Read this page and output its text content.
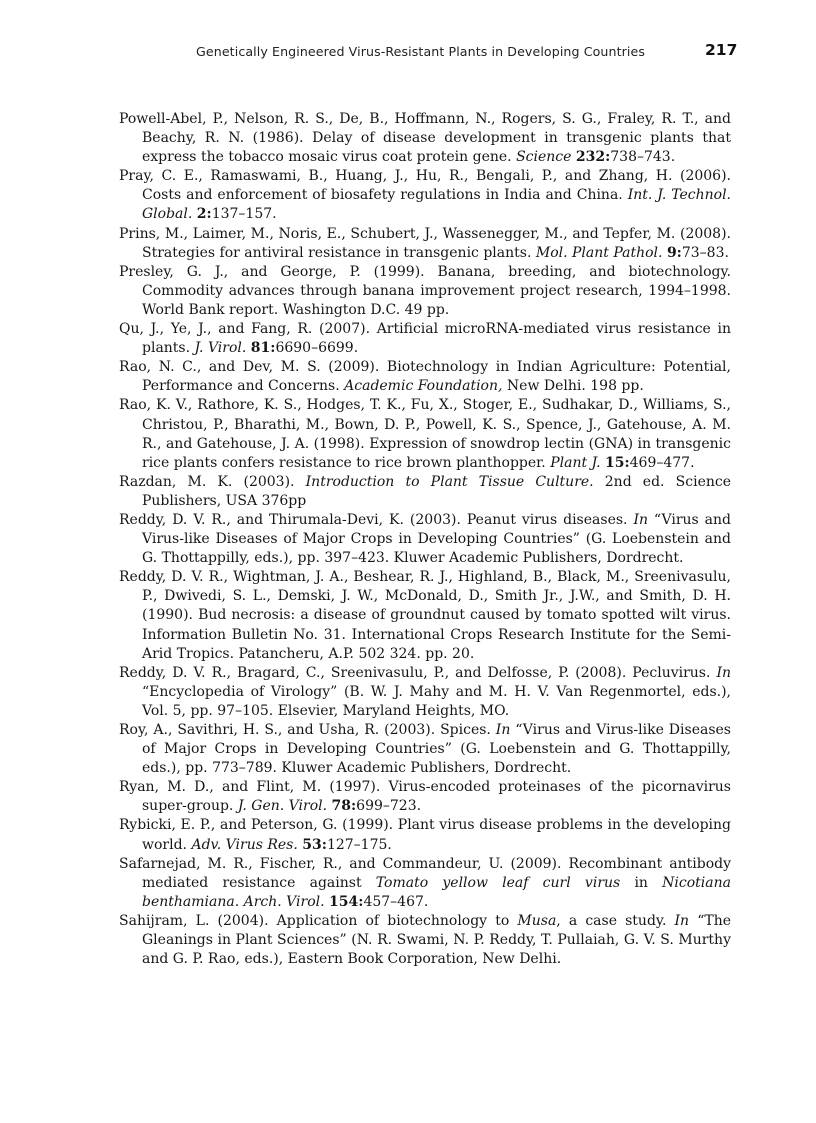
Genetically Engineered Virus-Resistant Plants in Developing Countries	217
Powell-Abel, P., Nelson, R. S., De, B., Hoffmann, N., Rogers, S. G., Fraley, R. T., and Beachy, R. N. (1986). Delay of disease development in transgenic plants that express the tobacco mosaic virus coat protein gene. Science 232:738–743.
Pray, C. E., Ramaswami, B., Huang, J., Hu, R., Bengali, P., and Zhang, H. (2006). Costs and enforcement of biosafety regulations in India and China. Int. J. Technol. Global. 2:137–157.
Prins, M., Laimer, M., Noris, E., Schubert, J., Wassenegger, M., and Tepfer, M. (2008). Strategies for antiviral resistance in transgenic plants. Mol. Plant Pathol. 9:73–83.
Presley, G. J., and George, P. (1999). Banana, breeding, and biotechnology. Commodity advances through banana improvement project research, 1994–1998. World Bank report. Washington D.C. 49 pp.
Qu, J., Ye, J., and Fang, R. (2007). Artificial microRNA-mediated virus resistance in plants. J. Virol. 81:6690–6699.
Rao, N. C., and Dev, M. S. (2009). Biotechnology in Indian Agriculture: Potential, Performance and Concerns. Academic Foundation, New Delhi. 198 pp.
Rao, K. V., Rathore, K. S., Hodges, T. K., Fu, X., Stoger, E., Sudhakar, D., Williams, S., Christou, P., Bharathi, M., Bown, D. P., Powell, K. S., Spence, J., Gatehouse, A. M. R., and Gatehouse, J. A. (1998). Expression of snowdrop lectin (GNA) in transgenic rice plants confers resistance to rice brown planthopper. Plant J. 15:469–477.
Razdan, M. K. (2003). Introduction to Plant Tissue Culture. 2nd ed. Science Publishers, USA 376pp
Reddy, D. V. R., and Thirumala-Devi, K. (2003). Peanut virus diseases. In “Virus and Virus-like Diseases of Major Crops in Developing Countries” (G. Loebenstein and G. Thottappilly, eds.), pp. 397–423. Kluwer Academic Publishers, Dordrecht.
Reddy, D. V. R., Wightman, J. A., Beshear, R. J., Highland, B., Black, M., Sreenivasulu, P., Dwivedi, S. L., Demski, J. W., McDonald, D., Smith Jr., J.W., and Smith, D. H. (1990). Bud necrosis: a disease of groundnut caused by tomato spotted wilt virus. Information Bulletin No. 31. International Crops Research Institute for the Semi-Arid Tropics. Patancheru, A.P. 502 324. pp. 20.
Reddy, D. V. R., Bragard, C., Sreenivasulu, P., and Delfosse, P. (2008). Pecluvirus. In “Encyclopedia of Virology” (B. W. J. Mahy and M. H. V. Van Regenmortel, eds.), Vol. 5, pp. 97–105. Elsevier, Maryland Heights, MO.
Roy, A., Savithri, H. S., and Usha, R. (2003). Spices. In “Virus and Virus-like Diseases of Major Crops in Developing Countries” (G. Loebenstein and G. Thottappilly, eds.), pp. 773–789. Kluwer Academic Publishers, Dordrecht.
Ryan, M. D., and Flint, M. (1997). Virus-encoded proteinases of the picornavirus super-group. J. Gen. Virol. 78:699–723.
Rybicki, E. P., and Peterson, G. (1999). Plant virus disease problems in the developing world. Adv. Virus Res. 53:127–175.
Safarnejad, M. R., Fischer, R., and Commandeur, U. (2009). Recombinant antibody mediated resistance against Tomato yellow leaf curl virus in Nicotiana benthamiana. Arch. Virol. 154:457–467.
Sahijram, L. (2004). Application of biotechnology to Musa, a case study. In “The Gleanings in Plant Sciences” (N. R. Swami, N. P. Reddy, T. Pullaiah, G. V. S. Murthy and G. P. Rao, eds.), Eastern Book Corporation, New Delhi.
